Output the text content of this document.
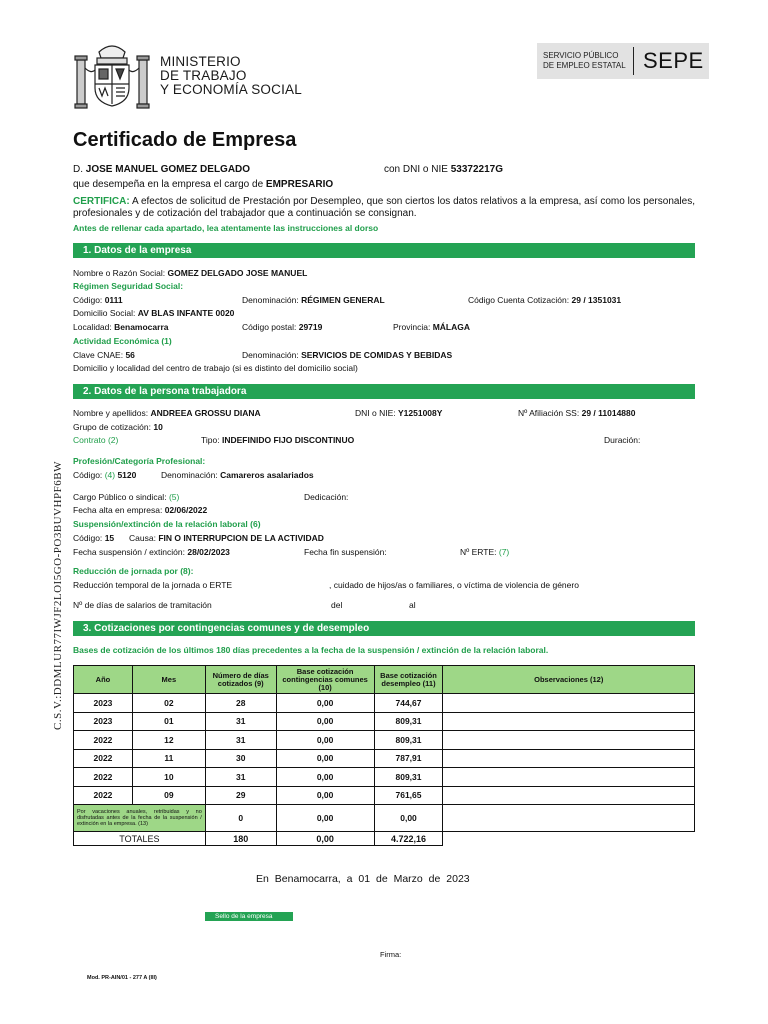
MINISTERIO
DE TRABAJO
Y ECONOMÍA SOCIAL
SERVICIO PÚBLICO
DE EMPLEO ESTATAL SEPE
Certificado de Empresa
D. JOSE MANUEL GOMEZ DELGADO	con DNI o NIE 53372217G
que desempeña en la empresa el cargo de EMPRESARIO
CERTIFICA: A efectos de solicitud de Prestación por Desempleo, que son ciertos los datos relativos a la empresa, así como los personales, profesionales y de cotización del trabajador que a continuación se consignan.
Antes de rellenar cada apartado, lea atentamente las instrucciones al dorso
1. Datos de la empresa
Nombre o Razón Social: GOMEZ DELGADO JOSE MANUEL
Régimen Seguridad Social:
Código: 0111	Denominación: RÉGIMEN GENERAL	Código Cuenta Cotización: 29 / 1351031
Domicilio Social: AV BLAS INFANTE 0020
Localidad: Benamocarra	Código postal: 29719	Provincia: MÁLAGA
Actividad Económica (1)
Clave CNAE: 56	Denominación: SERVICIOS DE COMIDAS Y BEBIDAS
Domicilio y localidad del centro de trabajo (si es distinto del domicilio social)
2. Datos de la persona trabajadora
Nombre y apellidos: ANDREEA GROSSU DIANA	DNI o NIE: Y1251008Y	Nº Afiliación SS: 29 / 11014880
Grupo de cotización: 10
Contrato (2)	Tipo: INDEFINIDO FIJO DISCONTINUO	Duración:
Profesión/Categoría Profesional:
Código: (4) 5120	Denominación: Camareros asalariados
Cargo Público o sindical: (5)	Dedicación:
Fecha alta en empresa: 02/06/2022
Suspensión/extinción de la relación laboral (6)
Código: 15 Causa: FIN O INTERRUPCION DE LA ACTIVIDAD
Fecha suspensión / extinción: 28/02/2023	Fecha fin suspensión:	Nº ERTE: (7)
Reducción de jornada por (8):
Reducción temporal de la jornada o ERTE	, cuidado de hijos/as o familiares, o víctima de violencia de género
Nº de días de salarios de tramitación	del	al
3. Cotizaciones por contingencias comunes y de desempleo
Bases de cotización de los últimos 180 días precedentes a la fecha de la suspensión / extinción de la relación laboral.
Año	Mes	Número de días cotizados (9)	Base cotización contingencias comunes (10)	Base cotización desempleo (11)	Observaciones (12)
2023	02	28	0,00	744,67	
2023	01	31	0,00	809,31	
2022	12	31	0,00	809,31	
2022	11	30	0,00	787,91	
2022	10	31	0,00	809,31	
2022	09	29	0,00	761,65	
Por vacaciones anuales, retribuidas y no disfrutadas antes de la fecha de la suspensión / extinción en la empresa. (13)		0	0,00	0,00	
TOTALES		180	0,00	4.722,16	
En Benamocarra, a 01 de Marzo de 2023
Sello de la empresa
Firma:
Mod. PR-AIN/01 - 277 A (III)
C.S.V.:DDMLUR77IWJF2LOI5GO-PO3BUVHPF6BW
